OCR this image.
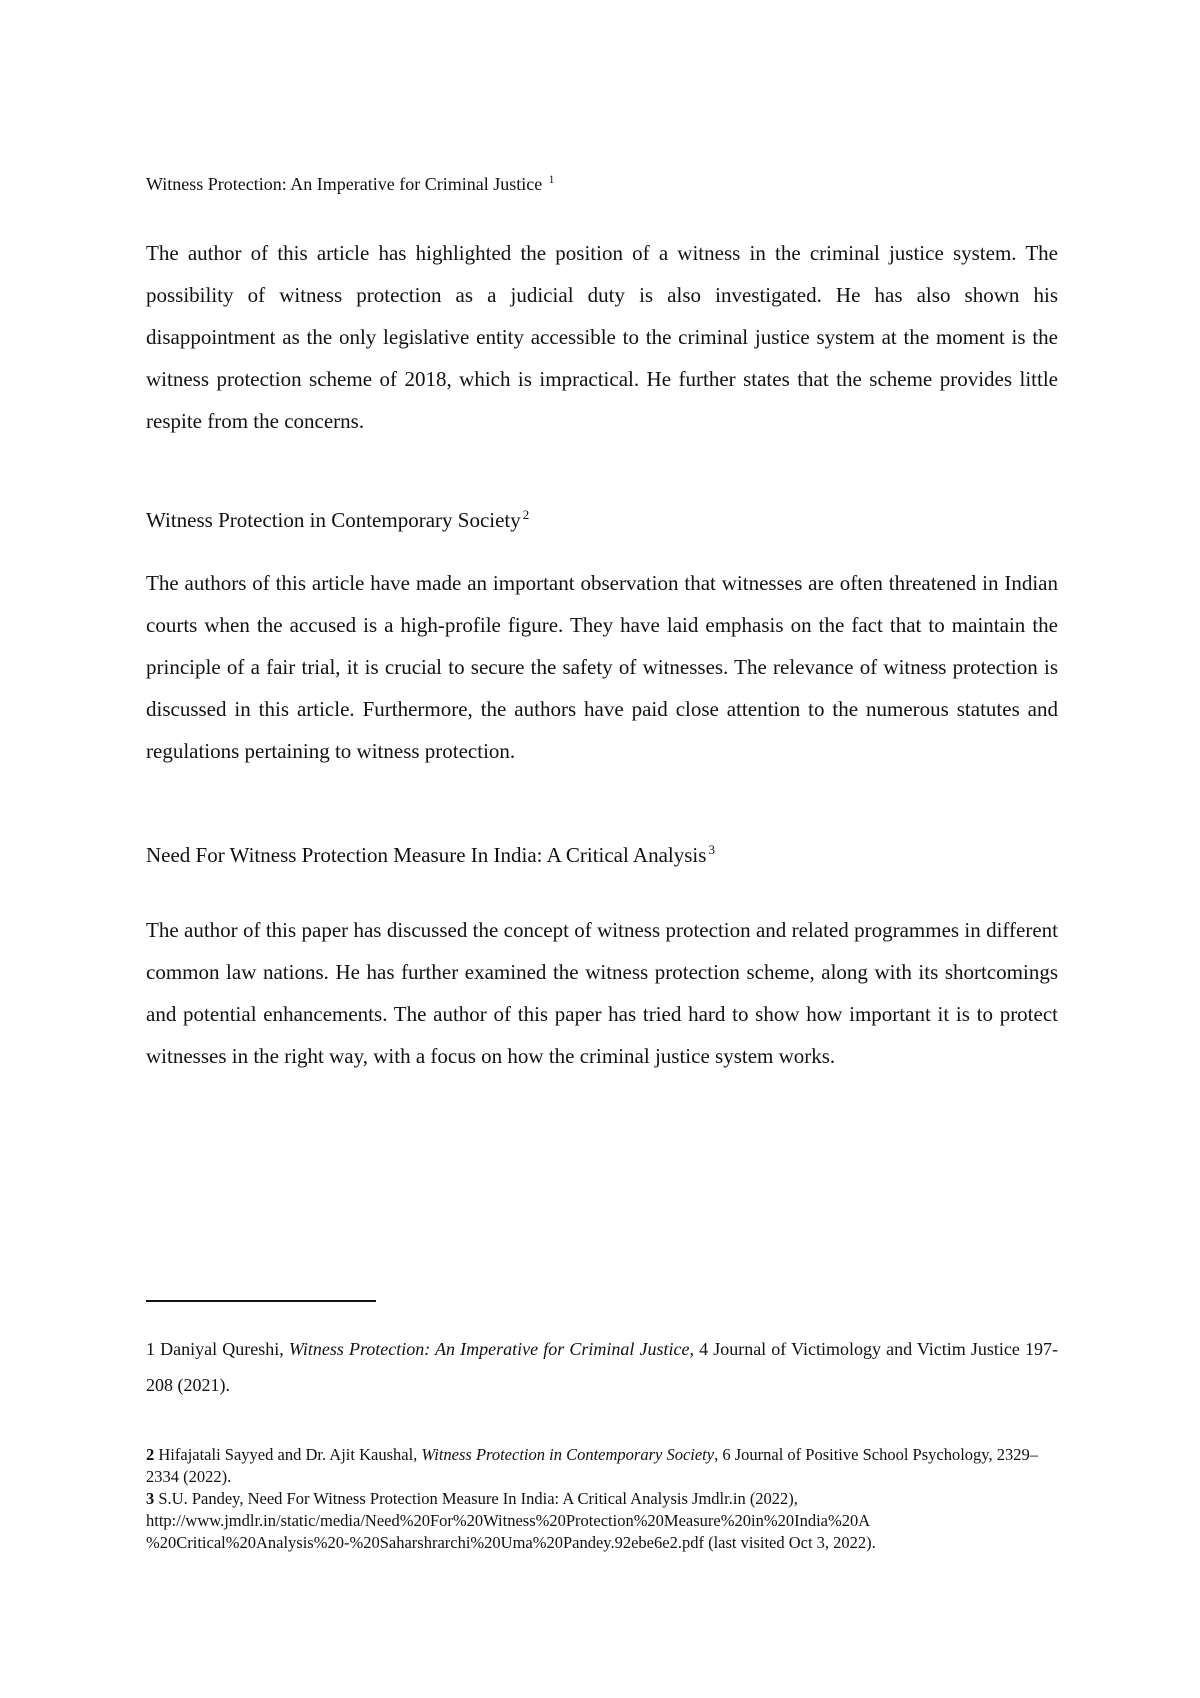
Witness Protection: An Imperative for Criminal Justice $^1$

The author of this article has highlighted the position of a witness in the criminal justice system. The possibility of witness protection as a judicial duty is also investigated. He has also shown his disappointment as the only legislative entity accessible to the criminal justice system at the moment is the witness protection scheme of 2018, which is impractical. He further states that the scheme provides little respite from the concerns.

Witness Protection in Contemporary Society $^2$

The authors of this article have made an important observation that witnesses are often threatened in Indian courts when the accused is a high-profile figure. They have laid emphasis on the fact that to maintain the principle of a fair trial, it is crucial to secure the safety of witnesses. The relevance of witness protection is discussed in this article. Furthermore, the authors have paid close attention to the numerous statutes and regulations pertaining to witness protection.

Need For Witness Protection Measure In India: A Critical Analysis $^3$

The author of this paper has discussed the concept of witness protection and related programmes in different common law nations. He has further examined the witness protection scheme, along with its shortcomings and potential enhancements. The author of this paper has tried hard to show how important it is to protect witnesses in the right way, with a focus on how the criminal justice system works.

1 Daniyal Qureshi, Witness Protection: An Imperative for Criminal Justice, 4 Journal of Victimology and Victim Justice 197-208 (2021).

2 Hifajatali Sayyed and Dr. Ajit Kaushal, Witness Protection in Contemporary Society, 6 Journal of Positive School Psychology, 2329–2334 (2022).

3 S.U. Pandey, Need For Witness Protection Measure In India: A Critical Analysis Jmdlr.in (2022),
http://www.jmdlr.in/static/media/Need%20For%20Witness%20Protection%20Measure%20in%20India%20A
%20Critical%20Analysis%20-%20Saharshrarchi%20Uma%20Pandey.92ebe6e2.pdf (last visited Oct 3, 2022).
